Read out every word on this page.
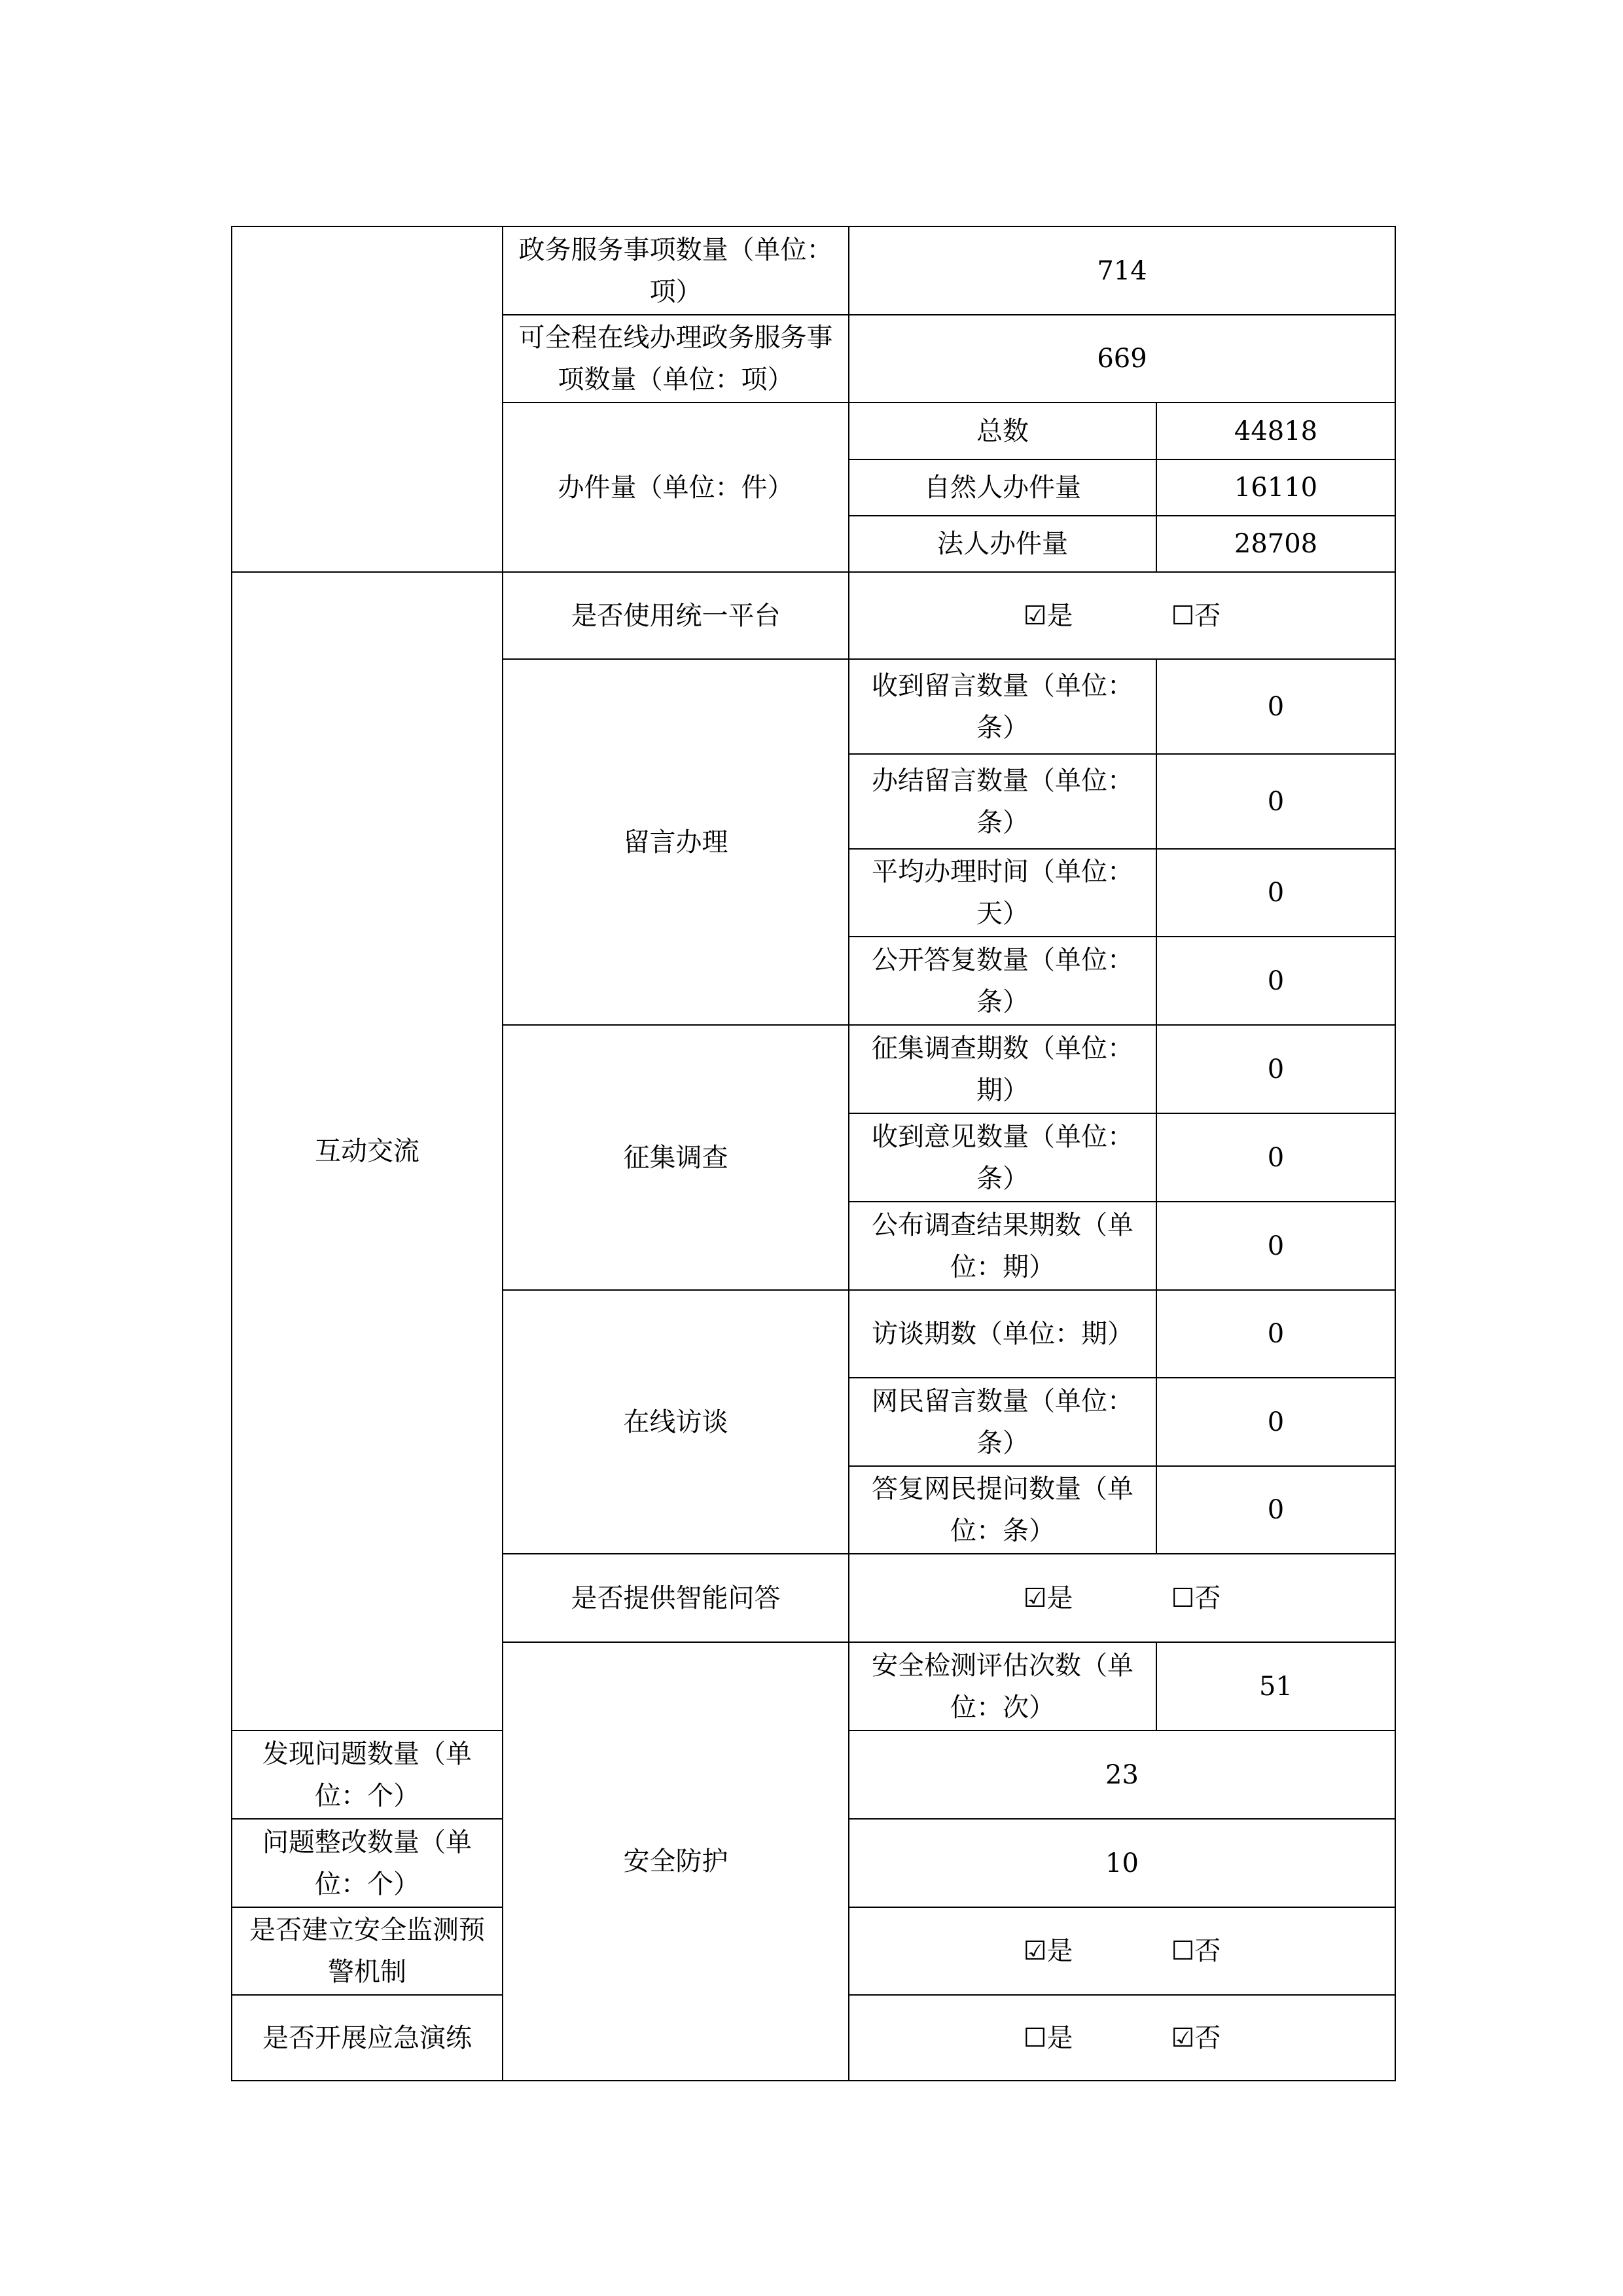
	政务服务事项数量（单位：项）	714	
	可全程在线办理政务服务事项数量（单位：项）	669	
	办件量（单位：件）	总数	44818
		自然人办件量	16110
		法人办件量	28708
互动交流	是否使用统一平台	☑是 ☐否	
	留言办理	收到留言数量（单位：条）	0
		办结留言数量（单位：条）	0
		平均办理时间（单位：天）	0
		公开答复数量（单位：条）	0
	征集调查	征集调查期数（单位：期）	0
		收到意见数量（单位：条）	0
		公布调查结果期数（单位：期）	0
	在线访谈	访谈期数（单位：期）	0
		网民留言数量（单位：条）	0
		答复网民提问数量（单位：条）	0
	是否提供智能问答	☑是 ☐否	
	安全防护	安全检测评估次数（单位：次）	51
发现问题数量（单位：个）		23	
问题整改数量（单位：个）		10	
是否建立安全监测预警机制		☑是 ☐否	
是否开展应急演练		☐是 ☑否	
